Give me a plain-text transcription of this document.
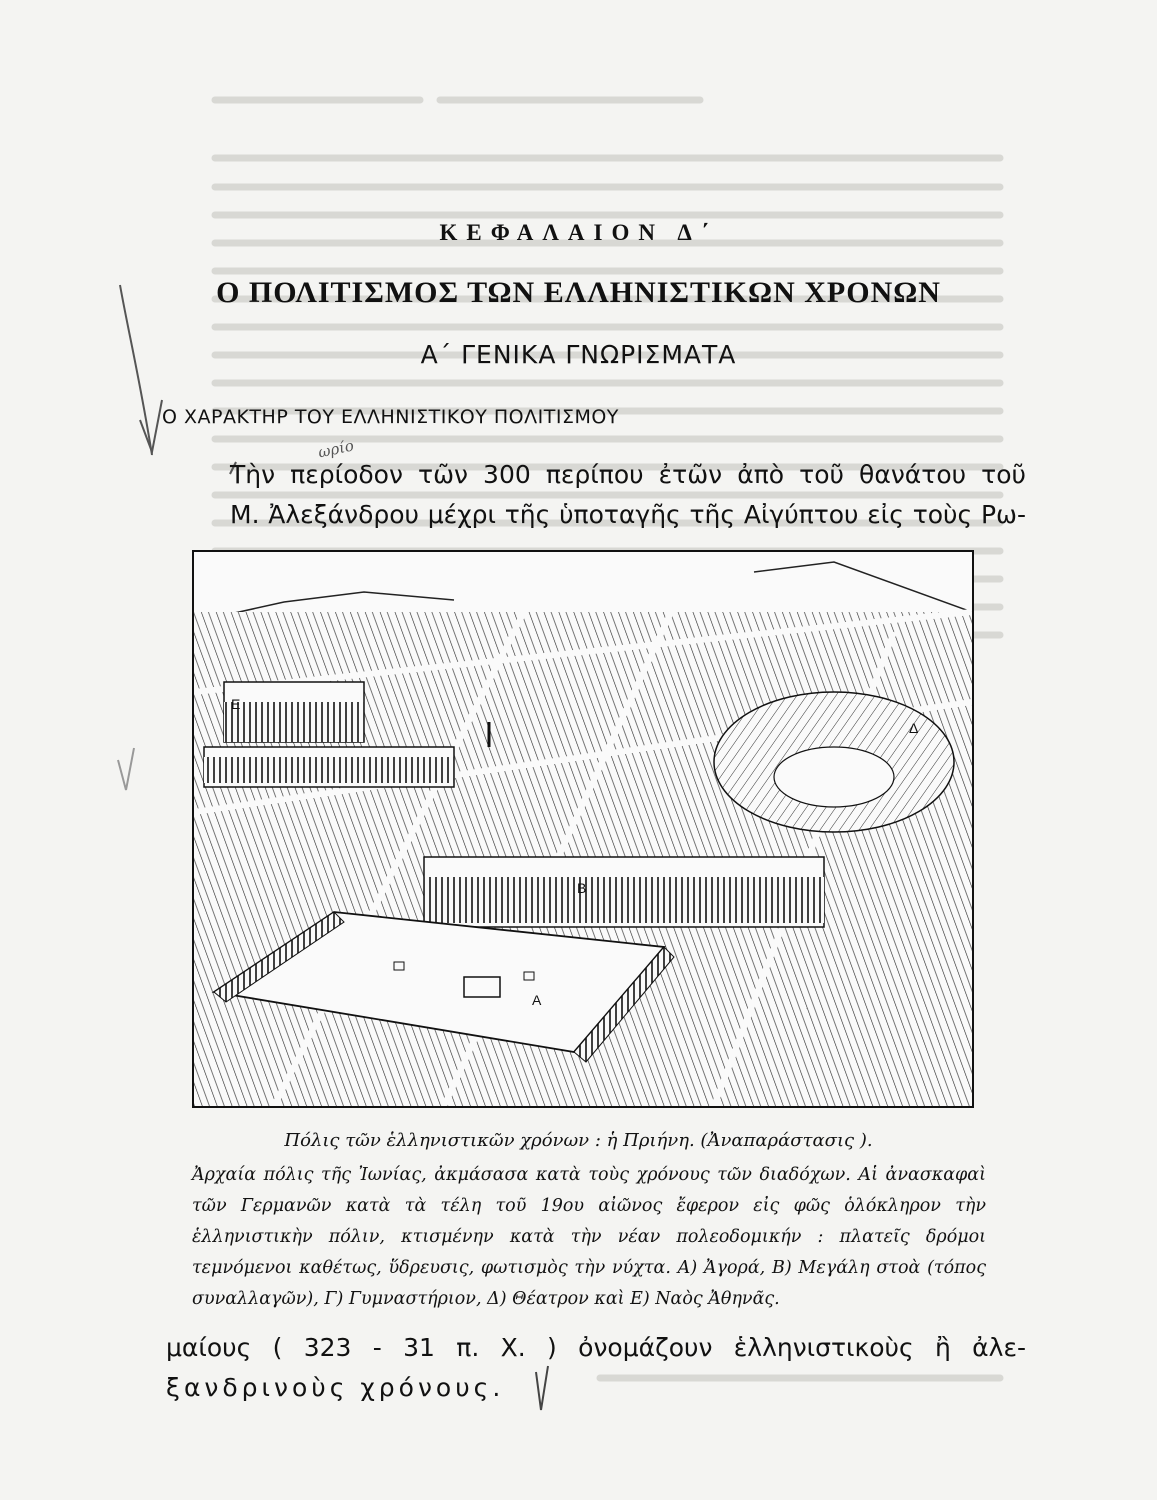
ωρίο
ΚΕΦΑΛΑΙΟΝ Δ΄
Ο ΠΟΛΙΤΙΣΜΟΣ ΤΩΝ ΕΛΛΗΝΙΣΤΙΚΩΝ ΧΡΟΝΩΝ
Α΄ ΓΕΝΙΚΑ ΓΝΩΡΙΣΜΑΤΑ
Ο ΧΑΡΑΚΤΗΡ ΤΟΥ ΕΛΛΗΝΙΣΤΙΚΟΥ ΠΟΛΙΤΙΣΜΟΥ
Τὴν περίοδον τῶν 300 περίπου ἐτῶν ἀπὸ τοῦ θανάτου τοῦ
Μ. Ἀλεξάνδρου μέχρι τῆς ὑποταγῆς τῆς Αἰγύπτου εἰς τοὺς Ρω-
Ε
Δ
Β
Α
Πόλις τῶν ἑλληνιστικῶν χρόνων : ἡ Πριήνη. (Ἀναπαράστασις ).
Ἀρχαία πόλις τῆς Ἰωνίας, ἀκμάσασα κατὰ τοὺς χρόνους τῶν διαδόχων. Αἱ ἀνασκαφαὶ τῶν Γερμανῶν κατὰ τὰ τέλη τοῦ 19ου αἰῶνος ἔφερον εἰς φῶς ὁλόκληρον τὴν ἑλληνιστικὴν πόλιν, κτισμένην κατὰ τὴν νέαν πολεοδομικήν : πλατεῖς δρόμοι τεμνόμενοι καθέτως, ὕδρευσις, φωτισμὸς τὴν νύχτα. Α) Ἀγορά, Β) Μεγάλη στοὰ (τόπος συναλλαγῶν), Γ) Γυμναστήριον, Δ) Θέατρον καὶ Ε) Ναὸς Ἀθηνᾶς.
μαίους ( 323 - 31 π. Χ. ) ὀνομάζουν ἑλληνιστικοὺς ἢ ἀλε-
ξανδρινοὺς χρόνους.
